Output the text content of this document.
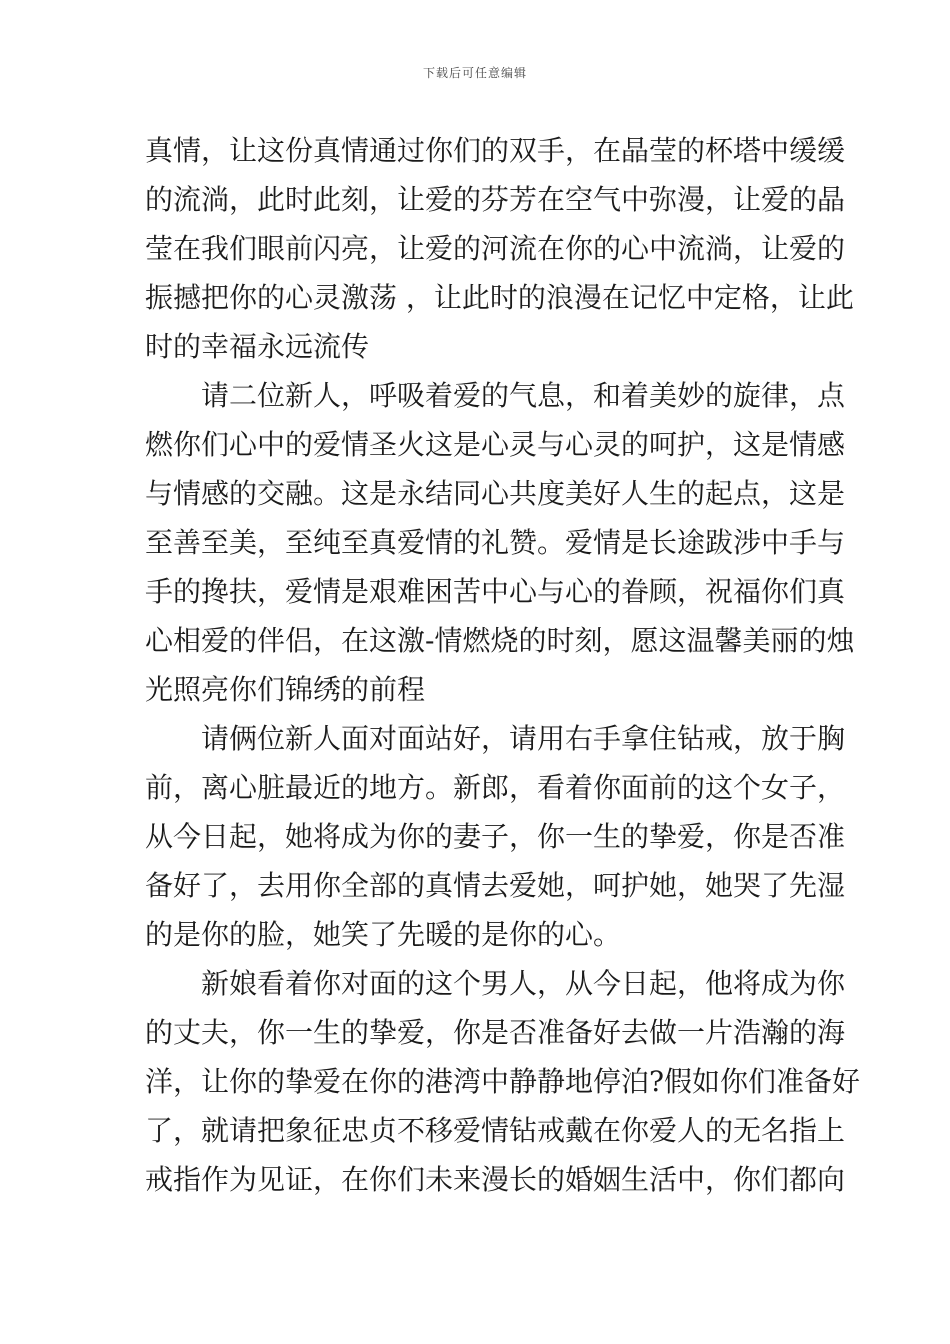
下载后可任意编辑
真情，让这份真情通过你们的双手，在晶莹的杯塔中缓缓
的流淌，此时此刻，让爱的芬芳在空气中弥漫，让爱的晶
莹在我们眼前闪亮，让爱的河流在你的心中流淌，让爱的
振撼把你的心灵激荡 ，让此时的浪漫在记忆中定格，让此
时的幸福永远流传
请二位新人，呼吸着爱的气息，和着美妙的旋律，点
燃你们心中的爱情圣火这是心灵与心灵的呵护，这是情感
与情感的交融。这是永结同心共度美好人生的起点，这是
至善至美，至纯至真爱情的礼赞。爱情是长途跋涉中手与
手的搀扶，爱情是艰难困苦中心与心的眷顾，祝福你们真
心相爱的伴侣，在这激-情燃烧的时刻，愿这温馨美丽的烛
光照亮你们锦绣的前程
请俩位新人面对面站好，请用右手拿住钻戒，放于胸
前，离心脏最近的地方。新郎，看着你面前的这个女子，
从今日起，她将成为你的妻子，你一生的挚爱，你是否准
备好了，去用你全部的真情去爱她，呵护她，她哭了先湿
的是你的脸，她笑了先暖的是你的心。
新娘看着你对面的这个男人，从今日起，他将成为你
的丈夫，你一生的挚爱，你是否准备好去做一片浩瀚的海
洋，让你的挚爱在你的港湾中静静地停泊?假如你们准备好
了，就请把象征忠贞不移爱情钻戒戴在你爱人的无名指上
戒指作为见证，在你们未来漫长的婚姻生活中，你们都向
